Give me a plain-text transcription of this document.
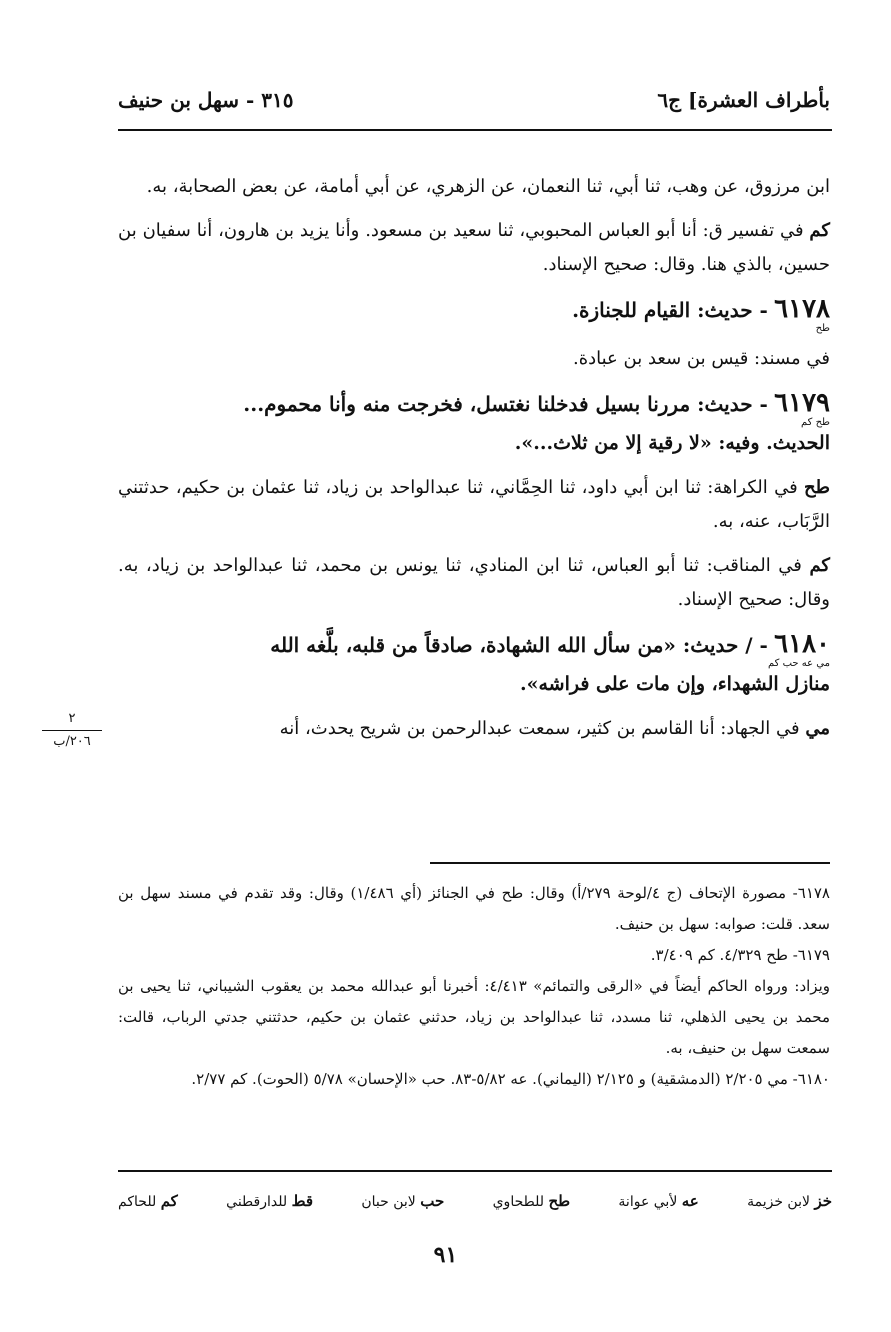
بأطراف العشرة] ج٦
٣١٥ - سهل بن حنيف

ابن مرزوق، عن وهب، ثنا أبي، ثنا النعمان، عن الزهري، عن أبي أمامة، عن بعض الصحابة، به.

كم في تفسير ق: أنا أبو العباس المحبوبي، ثنا سعيد بن مسعود. وأنا يزيد بن هارون، أنا سفيان بن حسين، بالذي هنا. وقال: صحيح الإسناد.

٦١٧٨ - حديث: القيام للجنازة.
طح

في مسند: قيس بن سعد بن عبادة.

٦١٧٩ - حديث: مررنا بسيل فدخلنا نغتسل، فخرجت منه وأنا محموم...
طح كم
الحديث. وفيه: «لا رقية إلا من ثلاث...».

طح في الكراهة: ثنا ابن أبي داود، ثنا الحِمَّاني، ثنا عبدالواحد بن زياد، ثنا عثمان بن حكيم، حدثتني الرَّبَاب، عنه، به.

كم في المناقب: ثنا أبو العباس، ثنا ابن المنادي، ثنا يونس بن محمد، ثنا عبدالواحد بن زياد، به. وقال: صحيح الإسناد.

٦١٨٠ - / حديث: «من سأل الله الشهادة، صادقاً من قلبه، بلَّغه الله
مي عه حب كم
منازل الشهداء، وإن مات على فراشه».

مي في الجهاد: أنا القاسم بن كثير، سمعت عبدالرحمن بن شريح يحدث، أنه

٢
٢٠٦/ب

٦١٧٨- مصورة الإتحاف (ج ٤/لوحة ٢٧٩/أ) وقال: طح في الجنائز (أي ١/٤٨٦) وقال: وقد تقدم في مسند سهل بن سعد. قلت: صوابه: سهل بن حنيف.

٦١٧٩- طح ٤/٣٢٩. كم ٣/٤٠٩.

ويزاد: ورواه الحاكم أيضاً في «الرقى والتمائم» ٤/٤١٣: أخبرنا أبو عبدالله محمد بن يعقوب الشيباني، ثنا يحيى بن محمد بن يحيى الذهلي، ثنا مسدد، ثنا عبدالواحد بن زياد، حدثني عثمان بن حكيم، حدثتني جدتي الرباب، قالت: سمعت سهل بن حنيف، به.

٦١٨٠- مي ٢/٢٠٥ (الدمشقية) و ٢/١٢٥ (اليماني). عه ٥/٨٢-٨٣. حب «الإحسان» ٥/٧٨ (الحوت). كم ٢/٧٧.

خز لابن خزيمة
عه لأبي عوانة
طح للطحاوي
حب لابن حبان
قط للدارقطني
كم للحاكم
٩١
